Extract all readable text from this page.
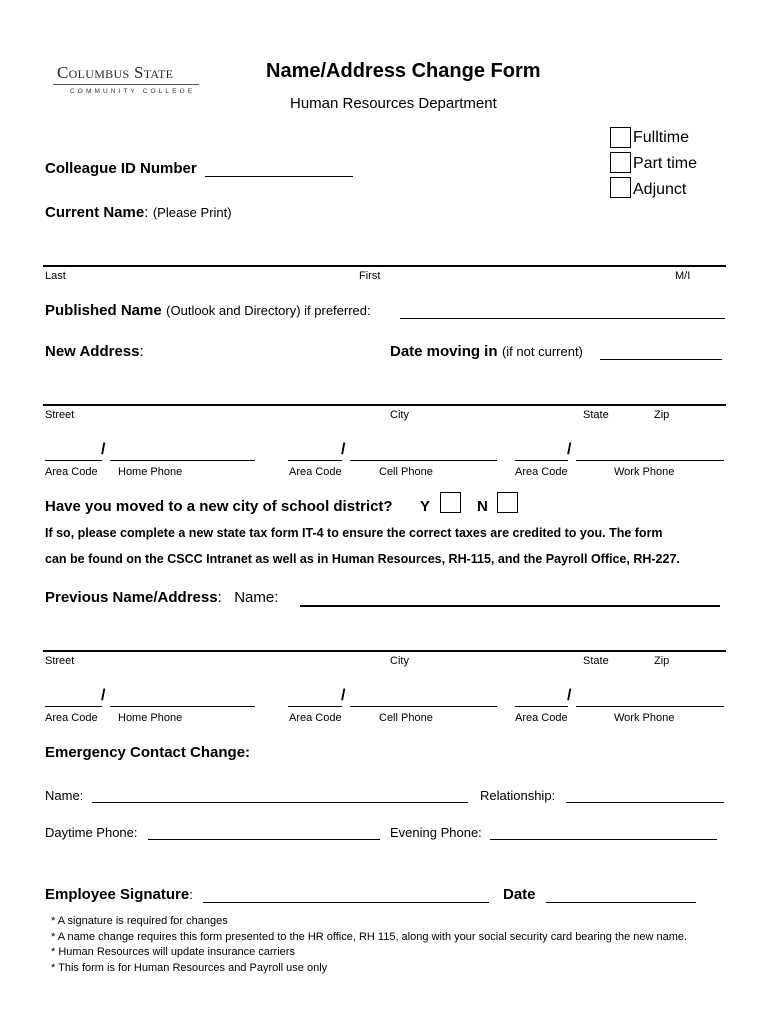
Columbus State
COMMUNITY COLLEGE
Name/Address Change Form
Human Resources Department
Fulltime
Part time
Adjunct
Colleague ID Number
Current Name: (Please Print)
Last	First	M/I
Published Name (Outlook and Directory) if preferred:
New Address:	Date moving in (if not current)
Street	City	State	Zip
/	/	/
Area Code Home Phone	Area Code	Cell Phone	Area Code	Work Phone
Have you moved to a new city of school district? Y	N
If so, please complete a new state tax form IT-4 to ensure the correct taxes are credited to you. The form
can be found on the CSCC Intranet as well as in Human Resources, RH-115, and the Payroll Office, RH-227.
Previous Name/Address: Name:
Street	City	State	Zip
/	/	/
Area Code Home Phone	Area Code	Cell Phone	Area Code	Work Phone
Emergency Contact Change:
Name:	Relationship:
Daytime Phone:	Evening Phone:
Employee Signature:	Date
* A signature is required for changes
* A name change requires this form presented to the HR office, RH 115, along with your social security card bearing the new name.
* Human Resources will update insurance carriers
* This form is for Human Resources and Payroll use only
